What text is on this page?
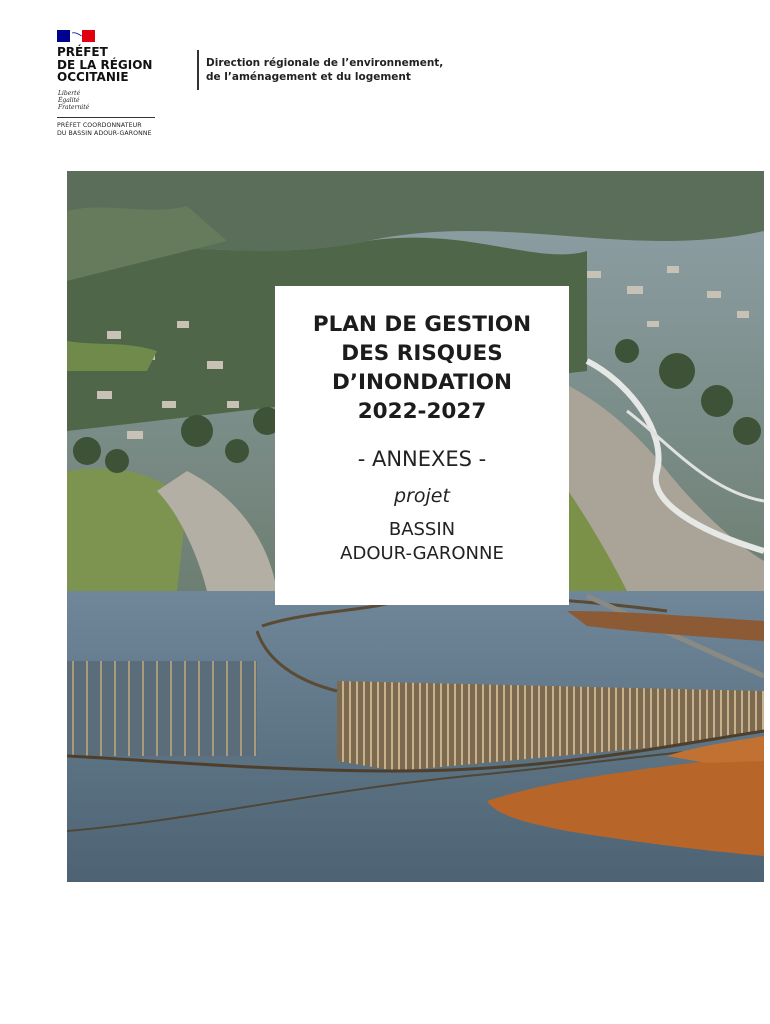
PRÉFET
DE LA RÉGION
OCCITANIE
Liberté
Égalité
Fraternité
PRÉFET COORDONNATEUR
DU BASSIN ADOUR-GARONNE
Direction régionale de l’environnement,
de l’aménagement et du logement
PLAN DE GESTION
DES RISQUES
D’INONDATION
2022-2027
- ANNEXES -
projet
BASSIN
ADOUR-GARONNE
